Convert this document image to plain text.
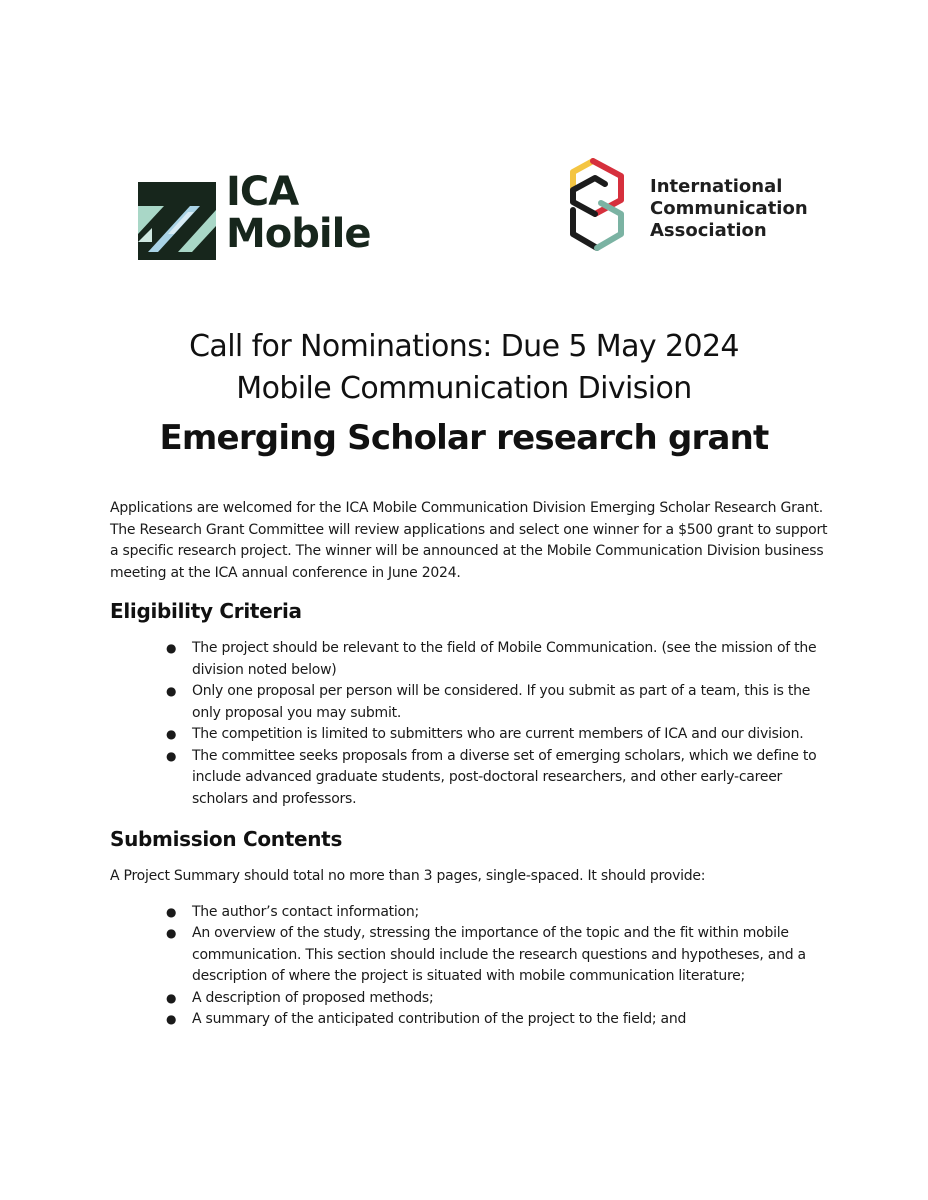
ICA
Mobile
International
Communication
Association
Call for Nominations: Due 5 May 2024
Mobile Communication Division
Emerging Scholar research grant

Applications are welcomed for the ICA Mobile Communication Division Emerging Scholar Research Grant. The Research Grant Committee will review applications and select one winner for a $500 grant to support a specific research project. The winner will be announced at the Mobile Communication Division business meeting at the ICA annual conference in June 2024.

Eligibility Criteria
● The project should be relevant to the field of Mobile Communication. (see the mission of the division noted below)
● Only one proposal per person will be considered. If you submit as part of a team, this is the only proposal you may submit.
● The competition is limited to submitters who are current members of ICA and our division.
● The committee seeks proposals from a diverse set of emerging scholars, which we define to include advanced graduate students, post-doctoral researchers, and other early-career scholars and professors.
Submission Contents

A Project Summary should total no more than 3 pages, single-spaced. It should provide:

● The author’s contact information;
● An overview of the study, stressing the importance of the topic and the fit within mobile communication. This section should include the research questions and hypotheses, and a description of where the project is situated with mobile communication literature;
● A description of proposed methods;
● A summary of the anticipated contribution of the project to the field; and
